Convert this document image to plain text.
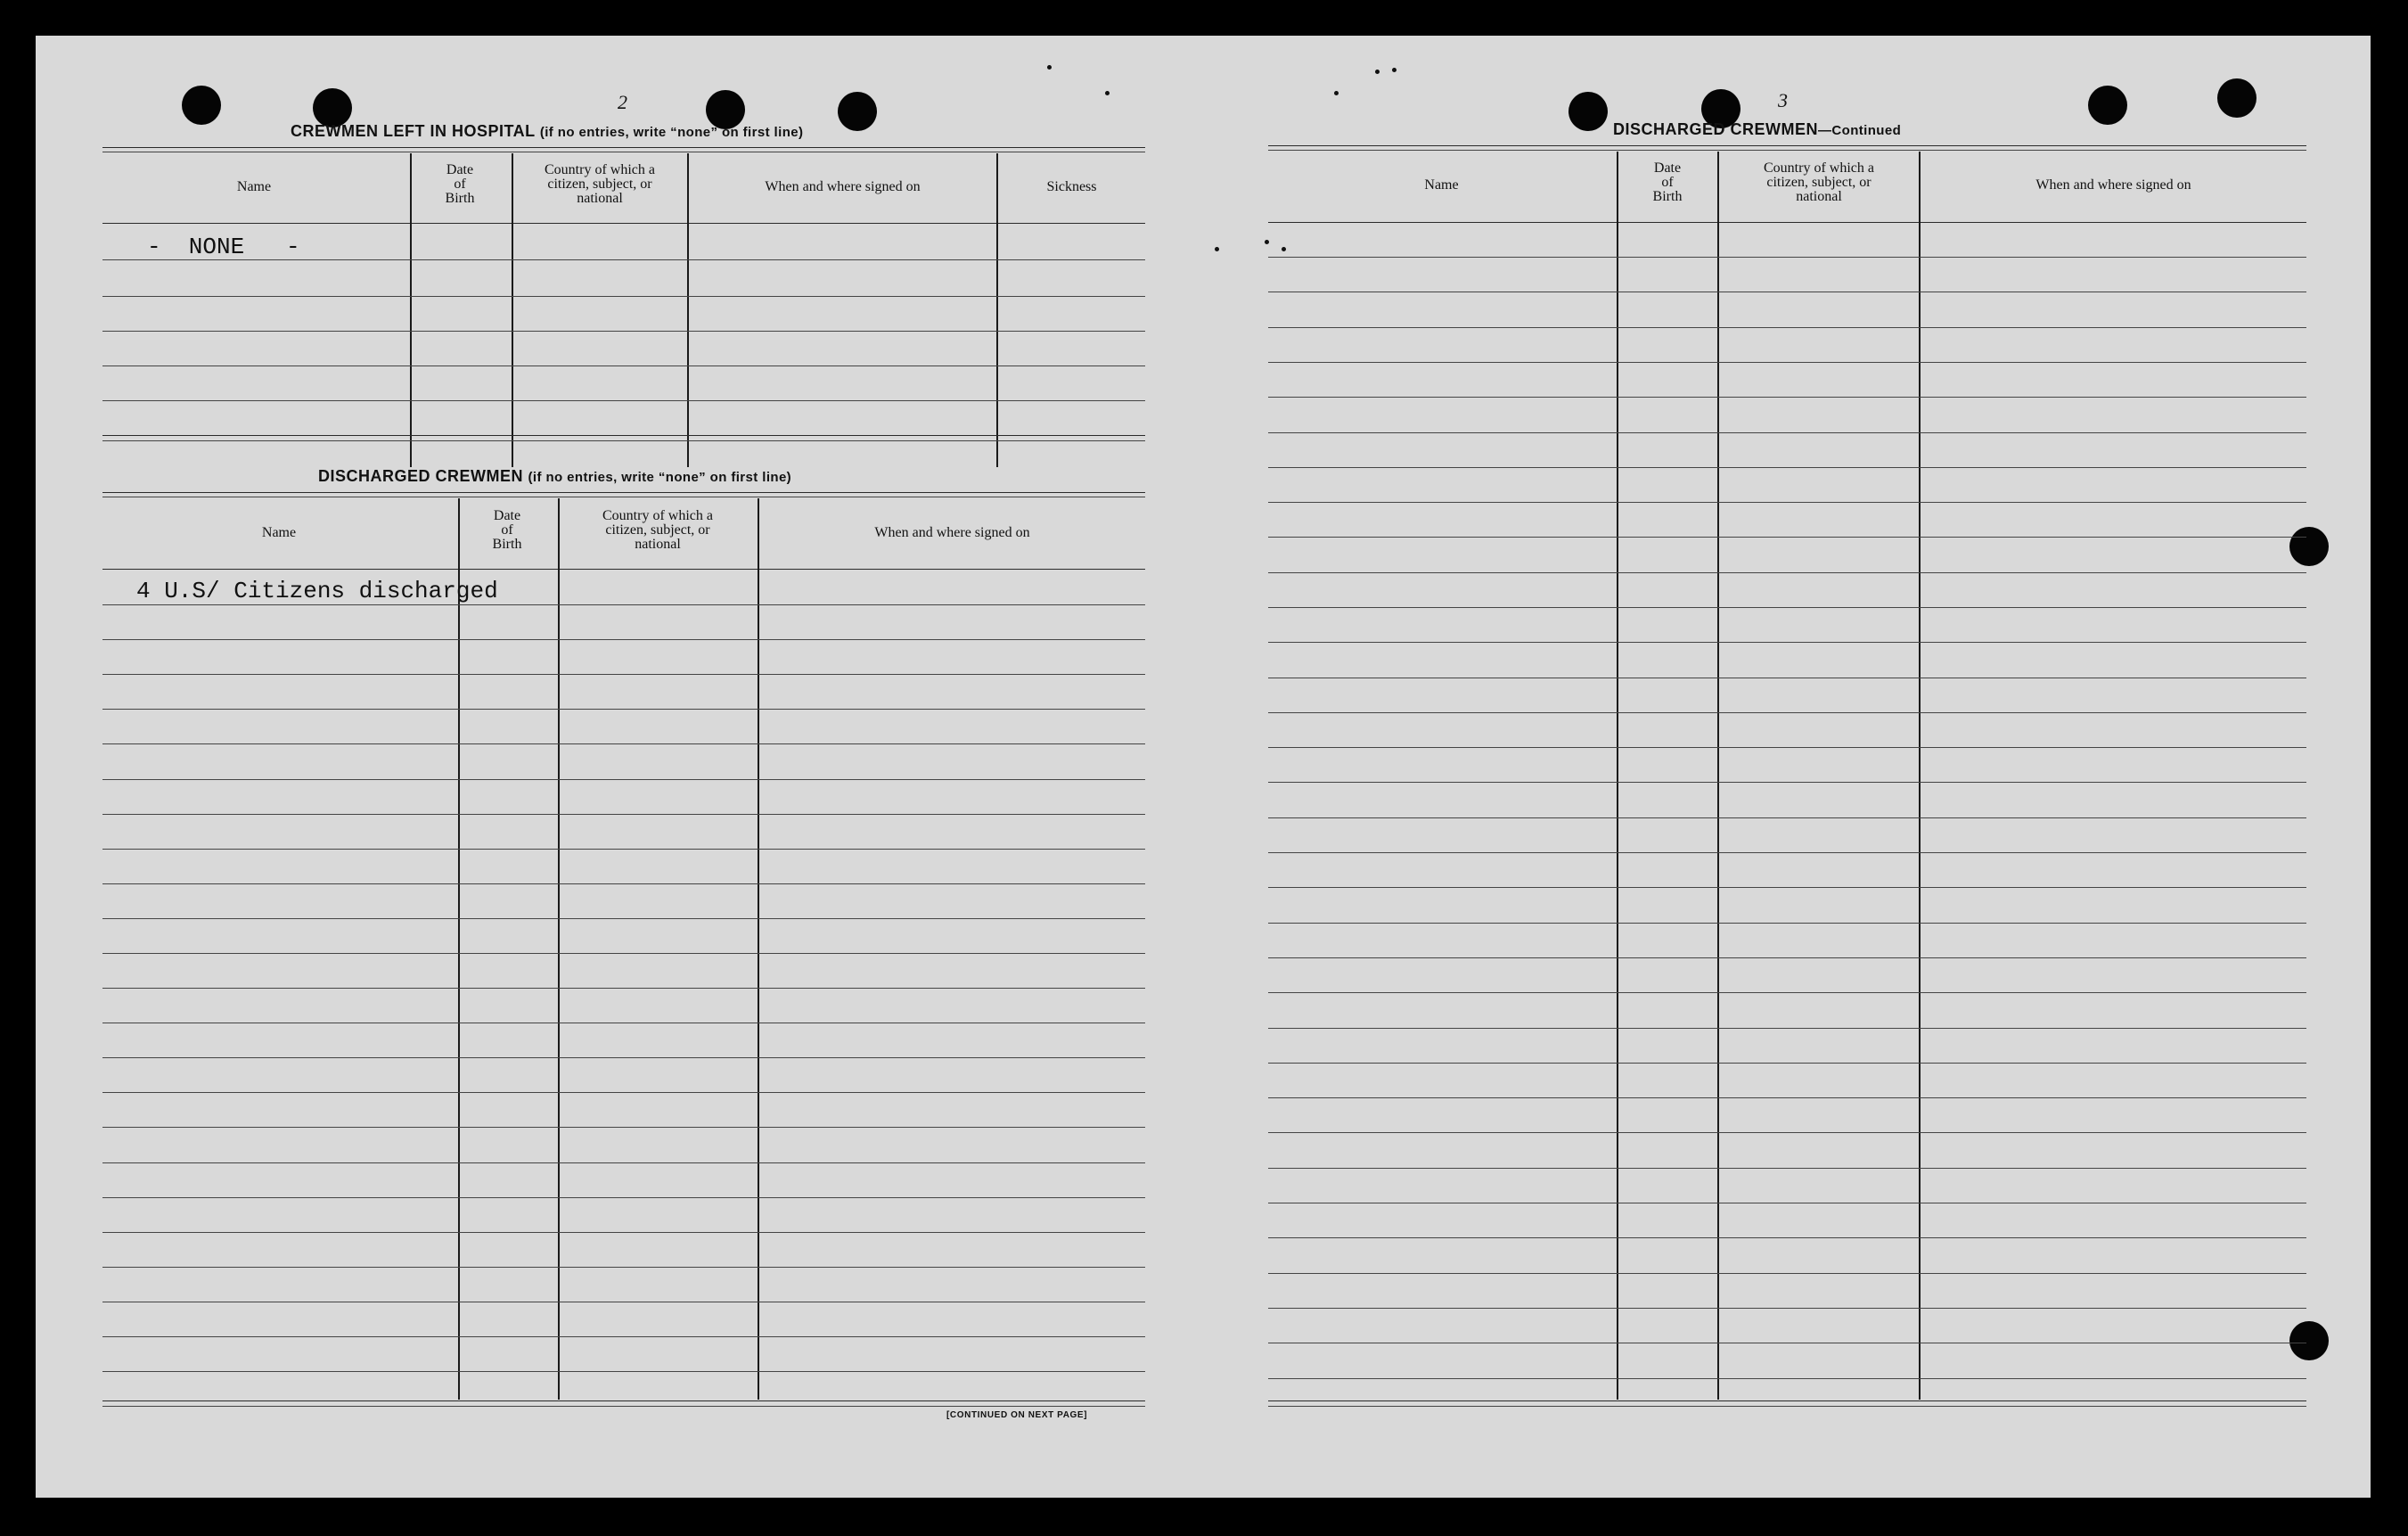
2
CREWMEN LEFT IN HOSPITAL (if no entries, write “none” on first line)
Name
Date
of
Birth
Country of which a
citizen, subject, or
national
When and where signed on	Sickness
-  NONE   -
DISCHARGED CREWMEN (if no entries, write “none” on first line)
Name
Date
of
Birth
Country of which a
citizen, subject, or
national
When and where signed on
4 U.S/ Citizens discharged
[CONTINUED ON NEXT PAGE]
3
DISCHARGED CREWMEN—Continued
Name
Date
of
Birth
Country of which a
citizen, subject, or
national
When and where signed on
